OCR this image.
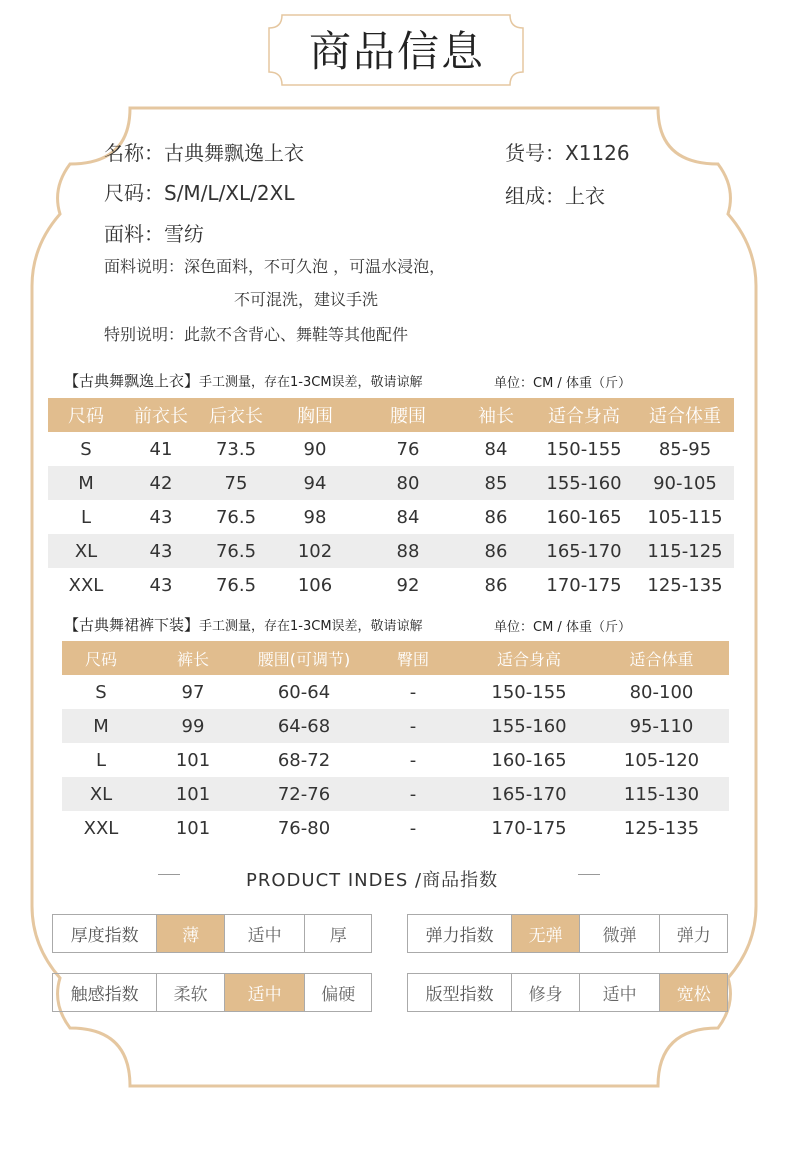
商品信息
名称：古典舞飘逸上衣	货号：X1126
尺码：S/M/L/XL/2XL	组成：上衣
面料：雪纺
面料说明：深色面料，不可久泡 ，可温水浸泡，
不可混洗，建议手洗
特别说明：此款不含背心、舞鞋等其他配件
【古典舞飘逸上衣】手工测量，存在1-3CM误差，敬请谅解	单位：CM / 体重（斤）
尺码	前衣长	后衣长	胸围	腰围	袖长	适合身高	适合体重
S	41	73.5	90	76	84	150-155	85-95
M	42	75	94	80	85	155-160	90-105
L	43	76.5	98	84	86	160-165	105-115
XL	43	76.5	102	88	86	165-170	115-125
XXL	43	76.5	106	92	86	170-175	125-135
【古典舞裙裤下装】手工测量，存在1-3CM误差，敬请谅解	单位：CM / 体重（斤）
尺码	裤长	腰围(可调节)	臀围	适合身高	适合体重
S	97	60-64	-	150-155	80-100
M	99	64-68	-	155-160	95-110
L	101	68-72	-	160-165	105-120
XL	101	72-76	-	165-170	115-130
XXL	101	76-80	-	170-175	125-135
PRODUCT INDES /商品指数
厚度指数	薄	适中	厚	弹力指数	无弹	微弹	弹力
触感指数	柔软	适中	偏硬	版型指数	修身	适中	宽松
